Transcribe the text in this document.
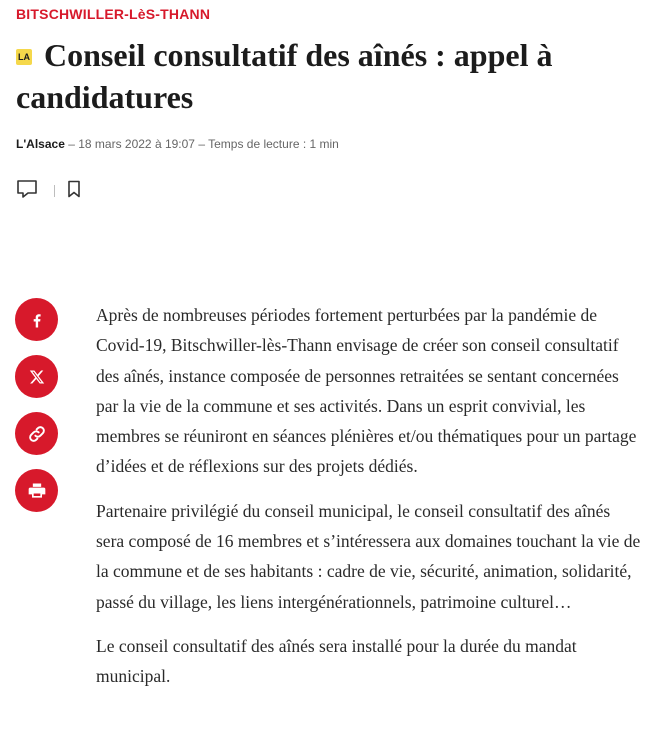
BITSCHWILLER-LèS-THANN
LA Conseil consultatif des aînés : appel à candidatures
L'Alsace – 18 mars 2022 à 19:07 – Temps de lecture : 1 min

Après de nombreuses périodes fortement perturbées par la pandémie de Covid-19, Bitschwiller-lès-Thann envisage de créer son conseil consultatif des aînés, instance composée de personnes retraitées se sentant concernées par la vie de la commune et ses activités. Dans un esprit convivial, les membres se réuniront en séances plénières et/ou thématiques pour un partage d’idées et de réflexions sur des projets dédiés.

Partenaire privilégié du conseil municipal, le conseil consultatif des aînés sera composé de 16 membres et s’intéressera aux domaines touchant la vie de la commune et de ses habitants : cadre de vie, sécurité, animation, solidarité, passé du village, les liens intergénérationnels, patrimoine culturel…

Le conseil consultatif des aînés sera installé pour la durée du mandat municipal.
